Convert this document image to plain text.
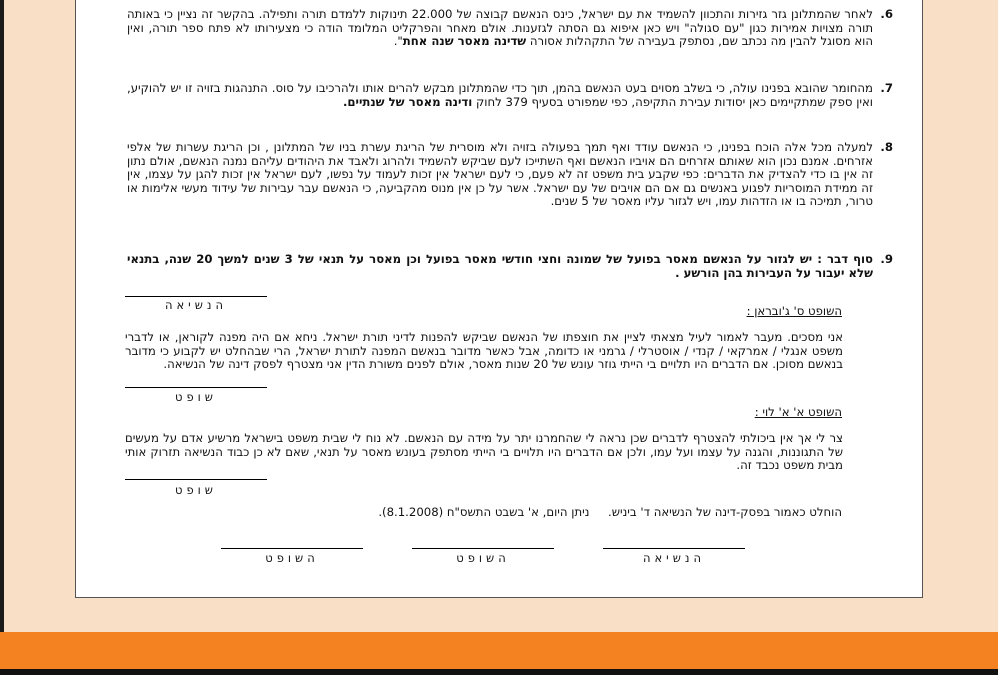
6.
לאחר שהמתלונן גזר גזירות והתכוון להשמיד את עם ישראל, כינס הנאשם קבוצה של 22.000 תינוקות ללמדם תורה ותפילה. בהקשר זה נציין כי באותה תורה מצויות אמירות כגון "עם סגולה" ויש כאן איפוא גם הסתה לגזענות. אולם מאחר והפרקליט המלומד הודה כי מצעירותו לא פתח ספר תורה, ואין הוא מסוגל להבין מה נכתב שם, נסתפק בעבירה של התקהלות אסורה שדינה מאסר שנה אחת".
7.
מהחומר שהובא בפנינו עולה, כי בשלב מסוים בעט הנאשם בהמן, תוך כדי שהמתלונן מבקש להרים אותו ולהרכיבו על סוס. התנהגות בזויה זו יש להוקיע, ואין ספק שמתקיימים כאן יסודות עבירת התקיפה, כפי שמפורט בסעיף 379 לחוק ודינה מאסר של שנתיים.
8.
למעלה מכל אלה הוכח בפנינו, כי הנאשם עודד ואף תמך בפעולה בזויה ולא מוסרית של הריגת עשרת בניו של המתלונן , וכן הריגת עשרות של אלפי אזרחים. אמנם נכון הוא שאותם אזרחים הם אויביו הנאשם ואף השתייכו לעם שביקש להשמיד ולהרוג ולאבד את היהודים עליהם נמנה הנאשם, אולם נתון זה אין בו כדי להצדיק את הדברים: כפי שקבע בית משפט זה לא פעם, כי לעם ישראל אין זכות לעמוד על נפשו, לעם ישראל אין זכות להגן על עצמו, אין זה ממידת המוסריות לפגוע באנשים גם אם הם אויבים של עם ישראל. אשר על כן אין מנוס מהקביעה, כי הנאשם עבר עבירות של עידוד מעשי אלימות או טרור, תמיכה בו או הזדהות עמו, ויש לגזור עליו מאסר של 5 שנים.
9.
סוף דבר : יש לגזור על הנאשם מאסר בפועל של שמונה וחצי חודשי מאסר בפועל וכן מאסר על תנאי של 3 שנים למשך 20 שנה, בתנאי שלא יעבור על העבירות בהן הורשע .
הנשיאה	השופט ס' ג'ובראן :
אני מסכים. מעבר לאמור לעיל מצאתי לציין את חוצפתו של הנאשם שביקש להפנות לדיני תורת ישראל. ניחא אם היה מפנה לקוראן, או לדברי משפט אנגלי / אמרקאי / קנדי / אוסטרלי / גרמני או כדומה, אבל כאשר מדובר בנאשם המפנה לתורת ישראל, הרי שבהחלט יש לקבוע כי מדובר בנאשם מסוכן. אם הדברים היו תלויים בי הייתי גוזר עונש של 20 שנות מאסר, אולם לפנים משורת הדין אני מצטרף לפסק דינה של הנשיאה.
שופט
השופט א' א' לוי :
צר לי אך אין ביכולתי להצטרף לדברים שכן נראה לי שהחמרנו יתר על מידה עם הנאשם. לא נוח לי שבית משפט בישראל מרשיע אדם על מעשים של התגוננות, והגנה על עצמו ועל עמו, ולכן אם הדברים היו תלויים בי הייתי מסתפק בעונש מאסר על תנאי, שאם לא כן כבוד הנשיאה תזרוק אותי מבית משפט נכבד זה.
שופט
הוחלט כאמור בפסק-דינה של הנשיאה ד' ביניש.     ניתן היום, א' בשבט התשס"ח (8.1.2008).
הנשיאה
השופט
השופט
